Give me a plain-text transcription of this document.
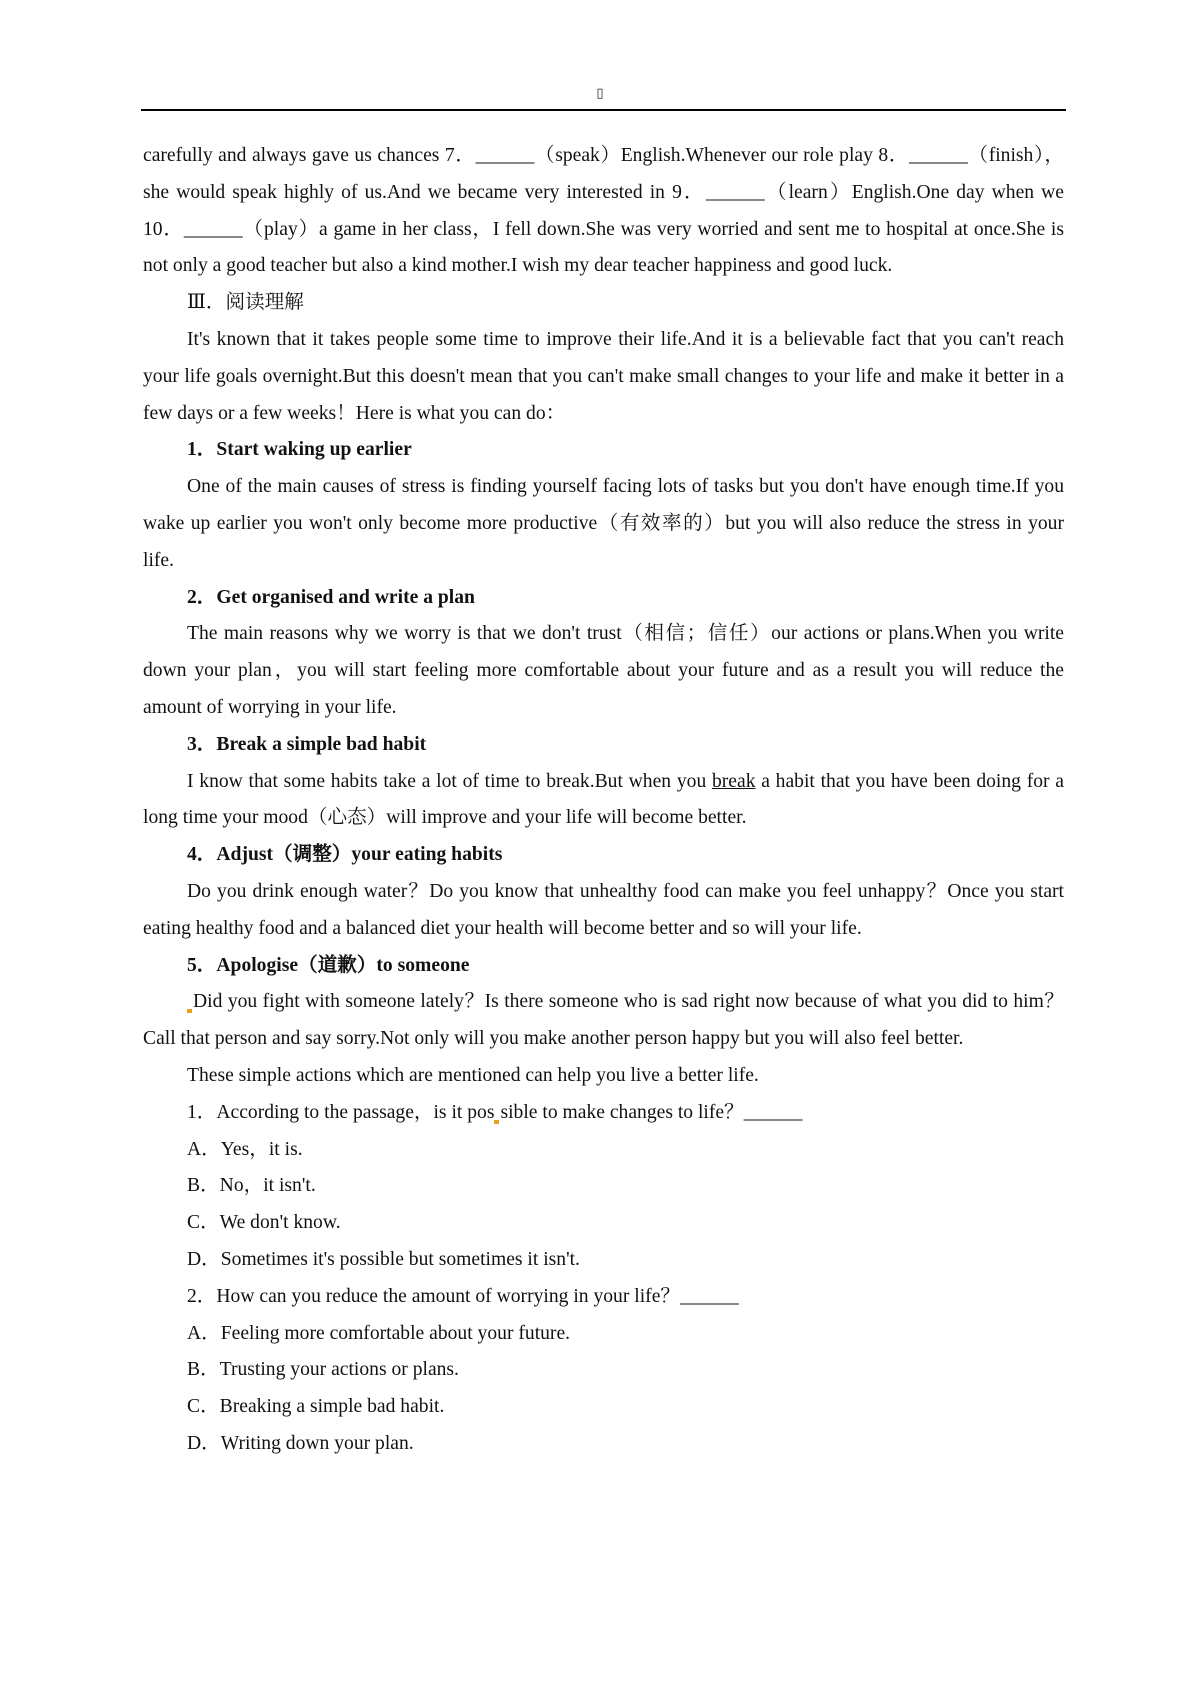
▯

carefully and always gave us chances 7．______（speak）English.Whenever our role play 8．______（finish），she would speak highly of us.And we became very interested in 9．______（learn）English.One day when we 10．______（play）a game in her class，I fell down.She was very worried and sent me to hospital at once.She is not only a good teacher but also a kind mother.I wish my dear teacher happiness and good luck.

Ⅲ．阅读理解

It's known that it takes people some time to improve their life.And it is a believable fact that you can't reach your life goals overnight.But this doesn't mean that you can't make small changes to your life and make it better in a few days or a few weeks！Here is what you can do：

1．Start waking up earlier

One of the main causes of stress is finding yourself facing lots of tasks but you don't have enough time.If you wake up earlier you won't only become more productive（有效率的）but you will also reduce the stress in your life.

2．Get organised and write a plan

The main reasons why we worry is that we don't trust（相信；信任）our actions or plans.When you write down your plan，you will start feeling more comfortable about your future and as a result you will reduce the amount of worrying in your life.

3．Break a simple bad habit

I know that some habits take a lot of time to break.But when you break a habit that you have been doing for a long time your mood（心态）will improve and your life will become better.

4．Adjust（调整）your eating habits

Do you drink enough water？Do you know that unhealthy food can make you feel unhappy？Once you start eating healthy food and a balanced diet your health will become better and so will your life.

5．Apologise（道歉）to someone

Did you fight with someone lately？Is there someone who is sad right now because of what you did to him？Call that person and say sorry.Not only will you make another person happy but you will also feel better.

These simple actions which are mentioned can help you live a better life.

1．According to the passage，is it pos sible to make changes to life？______

A．Yes，it is.

B．No，it isn't.

C．We don't know.

D．Sometimes it's possible but sometimes it isn't.

2．How can you reduce the amount of worrying in your life？______

A．Feeling more comfortable about your future.

B．Trusting your actions or plans.

C．Breaking a simple bad habit.

D．Writing down your plan.
